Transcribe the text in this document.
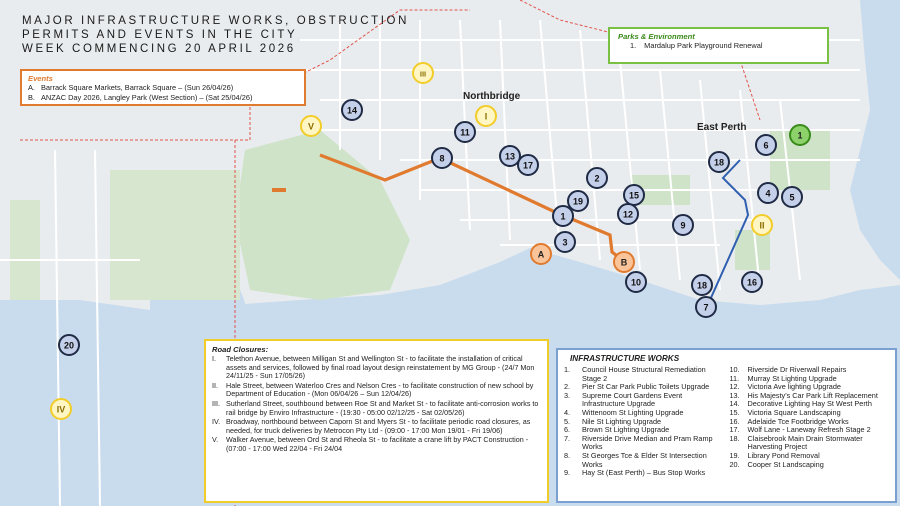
14
11
13
17
2
15
19
1	12
3
9
10
18
7
16
6
18
4 5
20
8
III
I
V
II
IV
A
B
1
MAJOR INFRASTRUCTURE WORKS, OBSTRUCTION
PERMITS AND EVENTS IN THE CITY
WEEK COMMENCING 20 APRIL 2026
Northbridge
East Perth
Events
A. Barrack Square Markets, Barrack Square – (Sun 26/04/26)
B. ANZAC Day 2026, Langley Park (West Section) – (Sat 25/04/26)
Parks & Environment
1. Mardalup Park Playground Renewal
Road Closures:
I.	Telethon Avenue, between Milligan St and Wellington St - to facilitate the installation of critical assets and services, followed by final road layout design reinstatement by MG Group - (24/7 Mon 24/11/25 - Sun 17/05/26)
II.	Hale Street, between Waterloo Cres and Nelson Cres - to facilitate construction of new school by Department of Education - (Mon 06/04/26 – Sun 12/04/26)
III. Sutherland Street, southbound between Roe St and Market St - to facilitate anti-corrosion works to rail bridge by Enviro Infrastructure - (19:30 - 05:00 02/12/25 - Sat 02/05/26)
IV. Broadway, northbound between Caporn St and Myers St - to facilitate periodic road closures, as needed, for truck deliveries by Metrocon Pty Ltd - (09:00 - 17:00 Mon 19/01 - Fri 19/06)
V.	Walker Avenue, between Ord St and Rheola St - to facilitate a crane lift by PACT Construction - (07:00 - 17:00 Wed 22/04 - Fri 24/04
INFRASTRUCTURE WORKS
1.	Council House Structural Remediation Stage 2
2.	Pier St Car Park Public Toilets Upgrade
3.	Supreme Court Gardens Event Infrastructure Upgrade
4.	Wittenoom St Lighting Upgrade
5.	Nile St Lighting Upgrade
6.	Brown St Lighting Upgrade
7.	Riverside Drive Median and Pram Ramp Works
8.	St Georges Tce & Elder St Intersection Works
9.	Hay St (East Perth) – Bus Stop Works
10.	Riverside Dr Riverwall Repairs
11.	Murray St Lighting Upgrade
12.	Victoria Ave lighting Upgrade
13.	His Majesty's Car Park Lift Replacement
14.	Decorative Lighting Hay St West Perth
15.	Victoria Square Landscaping
16.	Adelaide Tce Footbridge Works
17.	Wolf Lane - Laneway Refresh Stage 2
18.	Claisebrook Main Drain Stormwater Harvesting Project
19.	Library Pond Removal
20.	Cooper St Landscaping
